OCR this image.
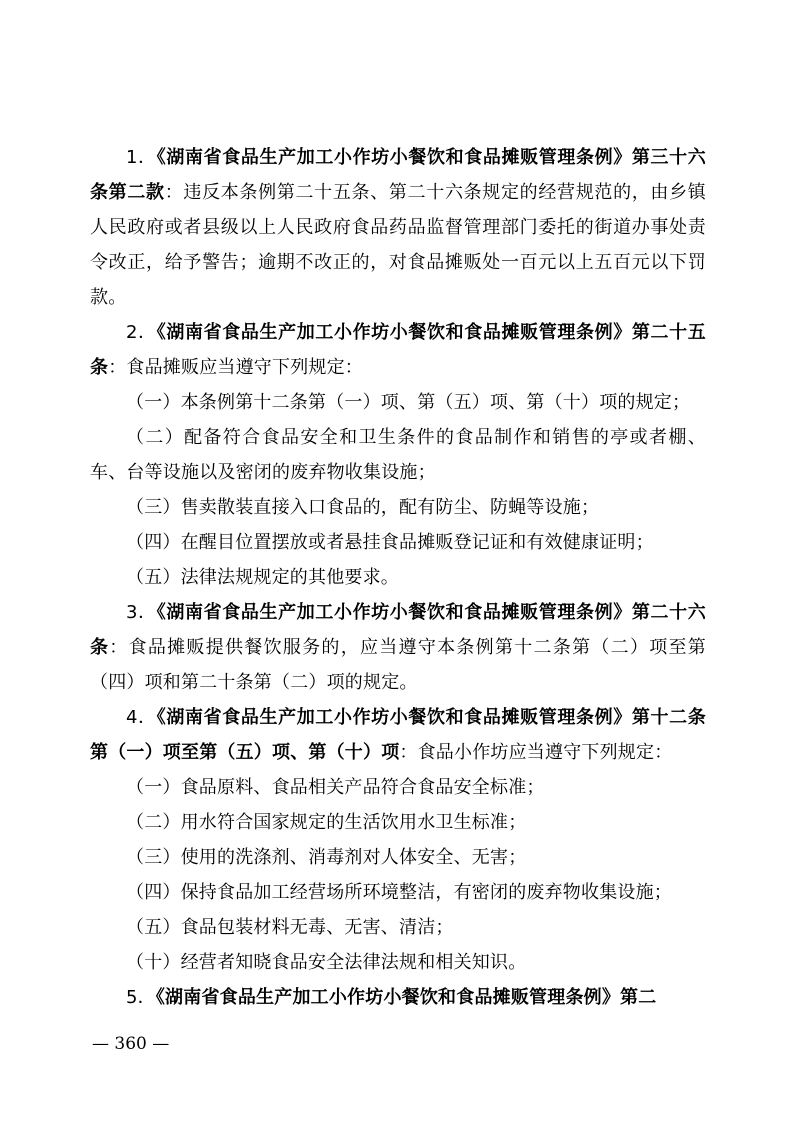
1．《湖南省食品生产加工小作坊小餐饮和食品摊贩管理条例》第三十六条第二款：违反本条例第二十五条、第二十六条规定的经营规范的，由乡镇人民政府或者县级以上人民政府食品药品监督管理部门委托的街道办事处责令改正，给予警告；逾期不改正的，对食品摊贩处一百元以上五百元以下罚款。

2．《湖南省食品生产加工小作坊小餐饮和食品摊贩管理条例》第二十五条：食品摊贩应当遵守下列规定：

（一）本条例第十二条第（一）项、第（五）项、第（十）项的规定；

（二）配备符合食品安全和卫生条件的食品制作和销售的亭或者棚、车、台等设施以及密闭的废弃物收集设施；

（三）售卖散装直接入口食品的，配有防尘、防蝇等设施；

（四）在醒目位置摆放或者悬挂食品摊贩登记证和有效健康证明；

（五）法律法规规定的其他要求。

3．《湖南省食品生产加工小作坊小餐饮和食品摊贩管理条例》第二十六条：食品摊贩提供餐饮服务的，应当遵守本条例第十二条第（二）项至第（四）项和第二十条第（二）项的规定。

4．《湖南省食品生产加工小作坊小餐饮和食品摊贩管理条例》第十二条第（一）项至第（五）项、第（十）项：食品小作坊应当遵守下列规定：

（一）食品原料、食品相关产品符合食品安全标准；

（二）用水符合国家规定的生活饮用水卫生标准；

（三）使用的洗涤剂、消毒剂对人体安全、无害；

（四）保持食品加工经营场所环境整洁，有密闭的废弃物收集设施；

（五）食品包装材料无毒、无害、清洁；

（十）经营者知晓食品安全法律法规和相关知识。

5．《湖南省食品生产加工小作坊小餐饮和食品摊贩管理条例》第二

— 360 —
